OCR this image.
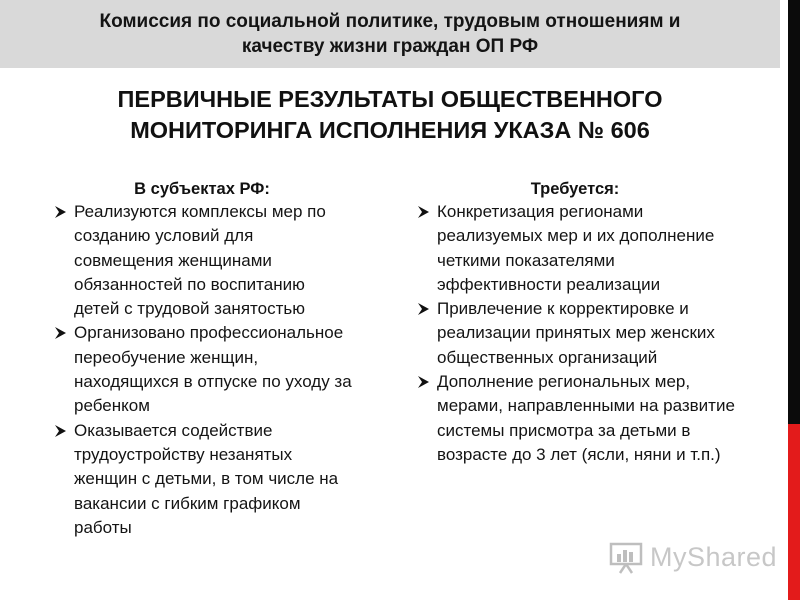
Комиссия по социальной политике, трудовым отношениям и
качеству жизни граждан ОП РФ
ПЕРВИЧНЫЕ РЕЗУЛЬТАТЫ ОБЩЕСТВЕННОГО
МОНИТОРИНГА ИСПОЛНЕНИЯ УКАЗА № 606
В субъектах РФ:
Реализуются комплексы мер по созданию условий для совмещения женщинами обязанностей по воспитанию детей с трудовой занятостью
Организовано профессиональное переобучение женщин, находящихся в отпуске по уходу за ребенком
Оказывается содействие трудоустройству незанятых женщин с детьми, в том числе на вакансии с гибким графиком работы
Требуется:
Конкретизация регионами реализуемых мер и их дополнение четкими показателями эффективности реализации
Привлечение к корректировке и реализации принятых мер женских общественных организаций
Дополнение региональных мер, мерами, направленными на развитие системы присмотра за детьми в возрасте до 3 лет (ясли, няни и т.п.)
MyShared
